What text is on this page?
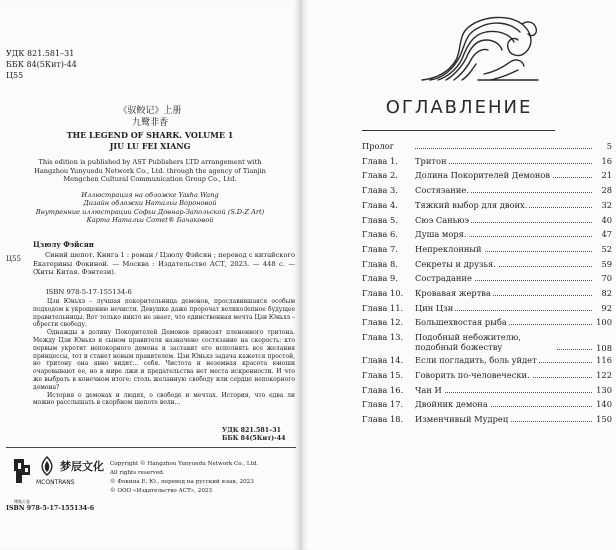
УДК 821.581–31
ББК 84(5Кит)-44
Ц55
《驭鲛记》上册
九鹭非香
THE LEGEND OF SHARK. VOLUME 1
JIU LU FEI XIANG
This edition is published by AST Publishers LTD arrangement with Hangzhou Yunyuedu Network Co., Ltd. through the agency of Tianjin Mengchen Cultural Communication Group Co., Ltd.
Иллюстрация на обложке Yasha Wang
Дизайн обложки Натальи Вороновой
Внутренние иллюстрации Софьи Довнар-Запольской (S.D-Z Art)
Карта Натальи Comet® Бачаковой
Цзюлу Фэйсян
Ц55	Синий шепот. Книга 1 : роман / Цзюлу Фэйсян ; перевод с китайского Екатерины Фокиной. — Москва : Издательство АСТ, 2023. — 448 с. — (Хиты Китая. Фэнтези).
ISBN 978-5-17-155134-6

Цзи Юньхэ – лучшая покорительница демонов, прославившаяся особым подходом к укрощению нечисти. Девушке даже пророчат великолепное будущее правительницы. Вот только никто не знает, что единственная мечта Цзи Юньхэ – обрести свободу.

Однажды в долину Покорителей Демонов привозят плененного тритона. Между Цзи Юньхэ и сыном правителя назначено состязание на скорость: кто первым укротит непокорного демона и заставит его исполнять все желания принцессы, тот и станет новым правителем. Цзи Юньхэ задача кажется простой, но тритону она явно видит… себя. Чистота и неземная красота юноши очаровывают ее, но в мире лжи и предательства нет места искренности. И что же выбрать в конечном итоге: столь желанную свободу или сердце непокорного демона?

История о демонах и людях, о свободе и мечтах. История, что едва ли можно расслышать в скорбном шепоте волн...

УДК 821.581–31
ББК 84(5Кит)-44
博集天卷
梦辰文化
MCONTRANS
ISBN 978-5-17-155134-6
Copyright © Hangzhou Yunyuedu Network Co., Ltd.
All rights reserved.
© Фокина Е. Ю., перевод на русский язык, 2023
© ООО «Издательство АСТ», 2023
ОГЛАВЛЕНИЕ
Пролог	5
Глава 1. Тритон	16
Глава 2. Долина Покорителей Демонов	21
Глава 3. Состязание.	28
Глава 4. Тяжкий выбор для двоих.	32
Глава 5. Сюэ Саньюэ	40
Глава 6. Душа моря.	47
Глава 7. Непреклонный	52
Глава 8. Секреты и друзья.	59
Глава 9. Сострадание	70
Глава 10. Кровавая жертва	82
Глава 11. Цин Цзи	92
Глава 12. Большехвостая рыба	100
Глава 13. Подобный небожителю, подобный божеству	108
Глава 14. Если погладить, боль уйдет	116
Глава 15. Говорить по-человечески.	122
Глава 16. Чан И	130
Глава 17. Двойник демона	140
Глава 18. Изменчивый Мудрец	150
